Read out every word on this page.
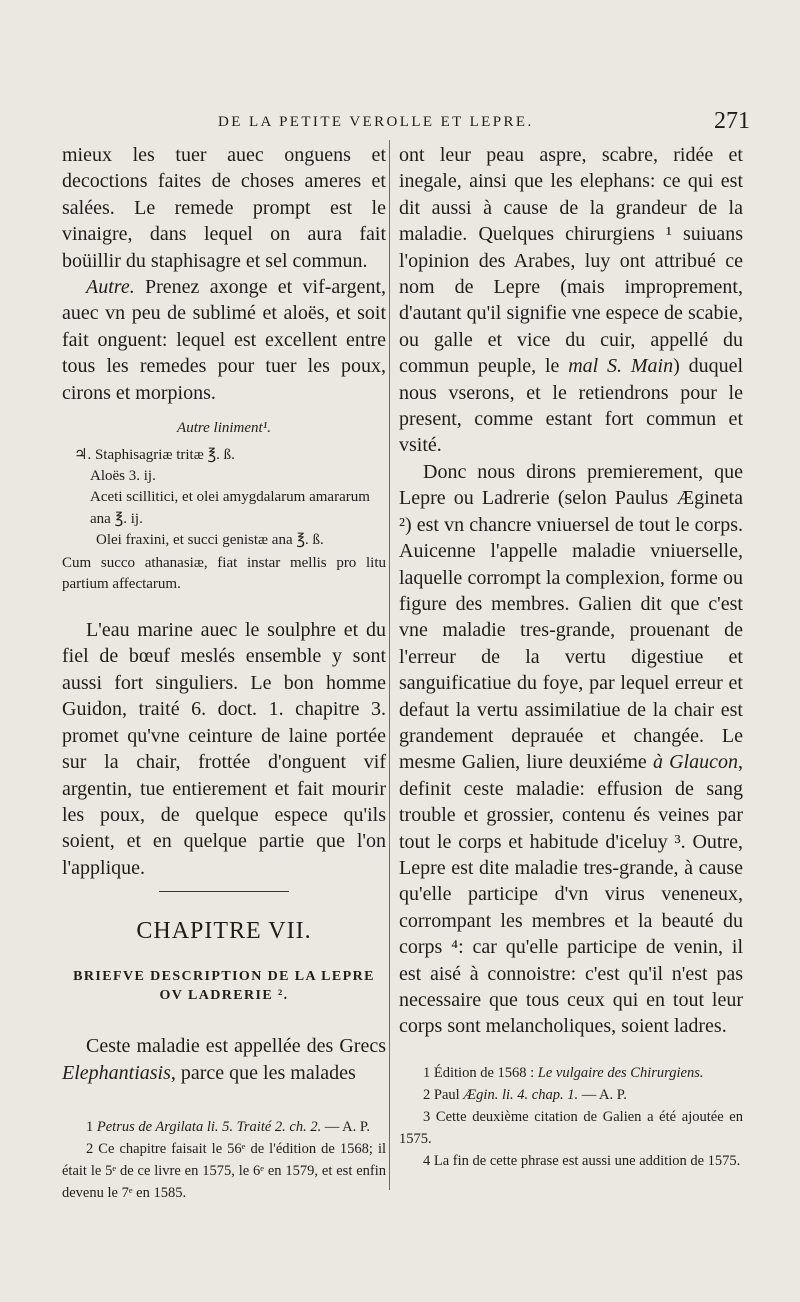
DE LA PETITE VEROLLE ET LEPRE.	271

mieux les tuer auec onguens et decoctions faites de choses ameres et salées. Le remede prompt est le vinaigre, dans lequel on aura fait boüillir du staphisagre et sel commun.

Autre. Prenez axonge et vif-argent, auec vn peu de sublimé et aloës, et soit fait onguent: lequel est excellent entre tous les remedes pour tuer les poux, cirons et morpions.

Autre liniment¹.
♃. Staphisagriæ tritæ ℥. ß.
Aloës 3. ij.
Aceti scillitici, et olei amygdalarum amararum ana ℥. ij.
Olei fraxini, et succi genistæ ana ℥. ß.

Cum succo athanasiæ, fiat instar mellis pro litu partium affectarum.

L'eau marine auec le soulphre et du fiel de bœuf meslés ensemble y sont aussi fort singuliers. Le bon homme Guidon, traité 6. doct. 1. chapitre 3. promet qu'vne ceinture de laine portée sur la chair, frottée d'onguent vif argentin, tue entierement et fait mourir les poux, de quelque espece qu'ils soient, et en quelque partie que l'on l'applique.

CHAPITRE VII.
BRIEFVE DESCRIPTION DE LA LEPRE
OV LADRERIE ².

Ceste maladie est appellée des Grecs Elephantiasis, parce que les malades

1 Petrus de Argilata li. 5. Traité 2. ch. 2. — A. P.

2 Ce chapitre faisait le 56ᵉ de l'édition de 1568; il était le 5ᵉ de ce livre en 1575, le 6ᵉ en 1579, et est enfin devenu le 7ᵉ en 1585.

ont leur peau aspre, scabre, ridée et inegale, ainsi que les elephans: ce qui est dit aussi à cause de la grandeur de la maladie. Quelques chirurgiens ¹ suiuans l'opinion des Arabes, luy ont attribué ce nom de Lepre (mais improprement, d'autant qu'il signifie vne espece de scabie, ou galle et vice du cuir, appellé du commun peuple, le mal S. Main) duquel nous vserons, et le retiendrons pour le present, comme estant fort commun et vsité.

Donc nous dirons premierement, que Lepre ou Ladrerie (selon Paulus Ægineta ²) est vn chancre vniuersel de tout le corps. Auicenne l'appelle maladie vniuerselle, laquelle corrompt la complexion, forme ou figure des membres. Galien dit que c'est vne maladie tres-grande, prouenant de l'erreur de la vertu digestiue et sanguificatiue du foye, par lequel erreur et defaut la vertu assimilatiue de la chair est grandement deprauée et changée. Le mesme Galien, liure deuxiéme à Glaucon, definit ceste maladie: effusion de sang trouble et grossier, contenu és veines par tout le corps et habitude d'iceluy ³. Outre, Lepre est dite maladie tres-grande, à cause qu'elle participe d'vn virus veneneux, corrompant les membres et la beauté du corps ⁴: car qu'elle participe de venin, il est aisé à connoistre: c'est qu'il n'est pas necessaire que tous ceux qui en tout leur corps sont melancholiques, soient ladres.

1 Édition de 1568 : Le vulgaire des Chirurgiens.

2 Paul Ægin. li. 4. chap. 1. — A. P.

3 Cette deuxième citation de Galien a été ajoutée en 1575.

4 La fin de cette phrase est aussi une addition de 1575.
